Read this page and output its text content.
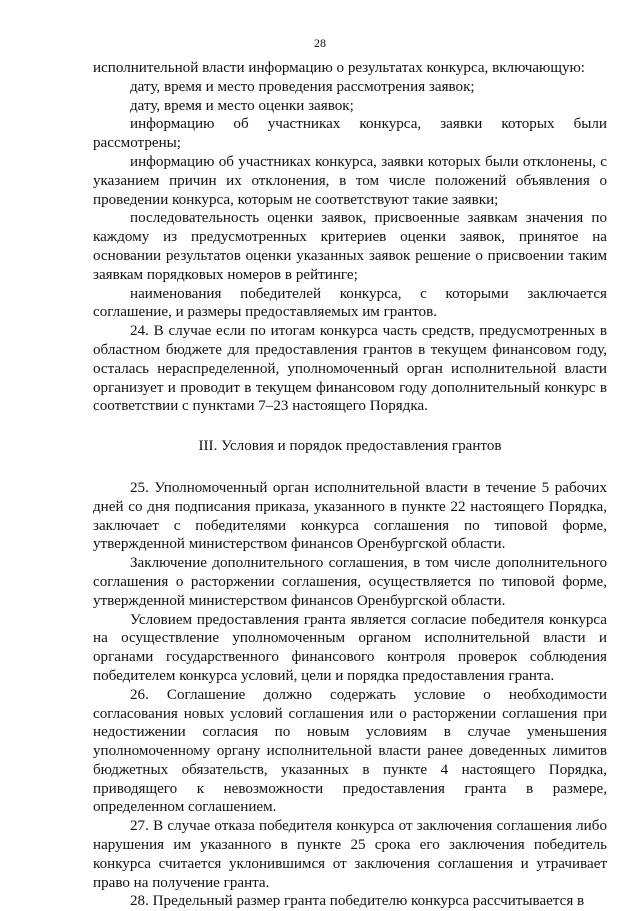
28

исполнительной власти информацию о результатах конкурса, включающую:

дату, время и место проведения рассмотрения заявок;

дату, время и место оценки заявок;

информацию об участниках конкурса, заявки которых были рассмотрены;

информацию об участниках конкурса, заявки которых были отклонены, с указанием причин их отклонения, в том числе положений объявления о проведении конкурса, которым не соответствуют такие заявки;

последовательность оценки заявок, присвоенные заявкам значения по каждому из предусмотренных критериев оценки заявок, принятое на основании результатов оценки указанных заявок решение о присвоении таким заявкам порядковых номеров в рейтинге;

наименования победителей конкурса, с которыми заключается соглашение, и размеры предоставляемых им грантов.

24. В случае если по итогам конкурса часть средств, предусмотренных в областном бюджете для предоставления грантов в текущем финансовом году, осталась нераспределенной, уполномоченный орган исполнительной власти организует и проводит в текущем финансовом году дополнительный конкурс в соответствии с пунктами 7–23 настоящего Порядка.

III. Условия и порядок предоставления грантов

25. Уполномоченный орган исполнительной власти в течение 5 рабочих дней со дня подписания приказа, указанного в пункте 22 настоящего Порядка, заключает с победителями конкурса соглашения по типовой форме, утвержденной министерством финансов Оренбургской области.

Заключение дополнительного соглашения, в том числе дополнительного соглашения о расторжении соглашения, осуществляется по типовой форме, утвержденной министерством финансов Оренбургской области.

Условием предоставления гранта является согласие победителя конкурса на осуществление уполномоченным органом исполнительной власти и органами государственного финансового контроля проверок соблюдения победителем конкурса условий, цели и порядка предоставления гранта.

26. Соглашение должно содержать условие о необходимости согласования новых условий соглашения или о расторжении соглашения при недостижении согласия по новым условиям в случае уменьшения уполномоченному органу исполнительной власти ранее доведенных лимитов бюджетных обязательств, указанных в пункте 4 настоящего Порядка, приводящего к невозможности предоставления гранта в размере, определенном соглашением.

27. В случае отказа победителя конкурса от заключения соглашения либо нарушения им указанного в пункте 25 срока его заключения победитель конкурса считается уклонившимся от заключения соглашения и утрачивает право на получение гранта.

28. Предельный размер гранта победителю конкурса рассчитывается в
